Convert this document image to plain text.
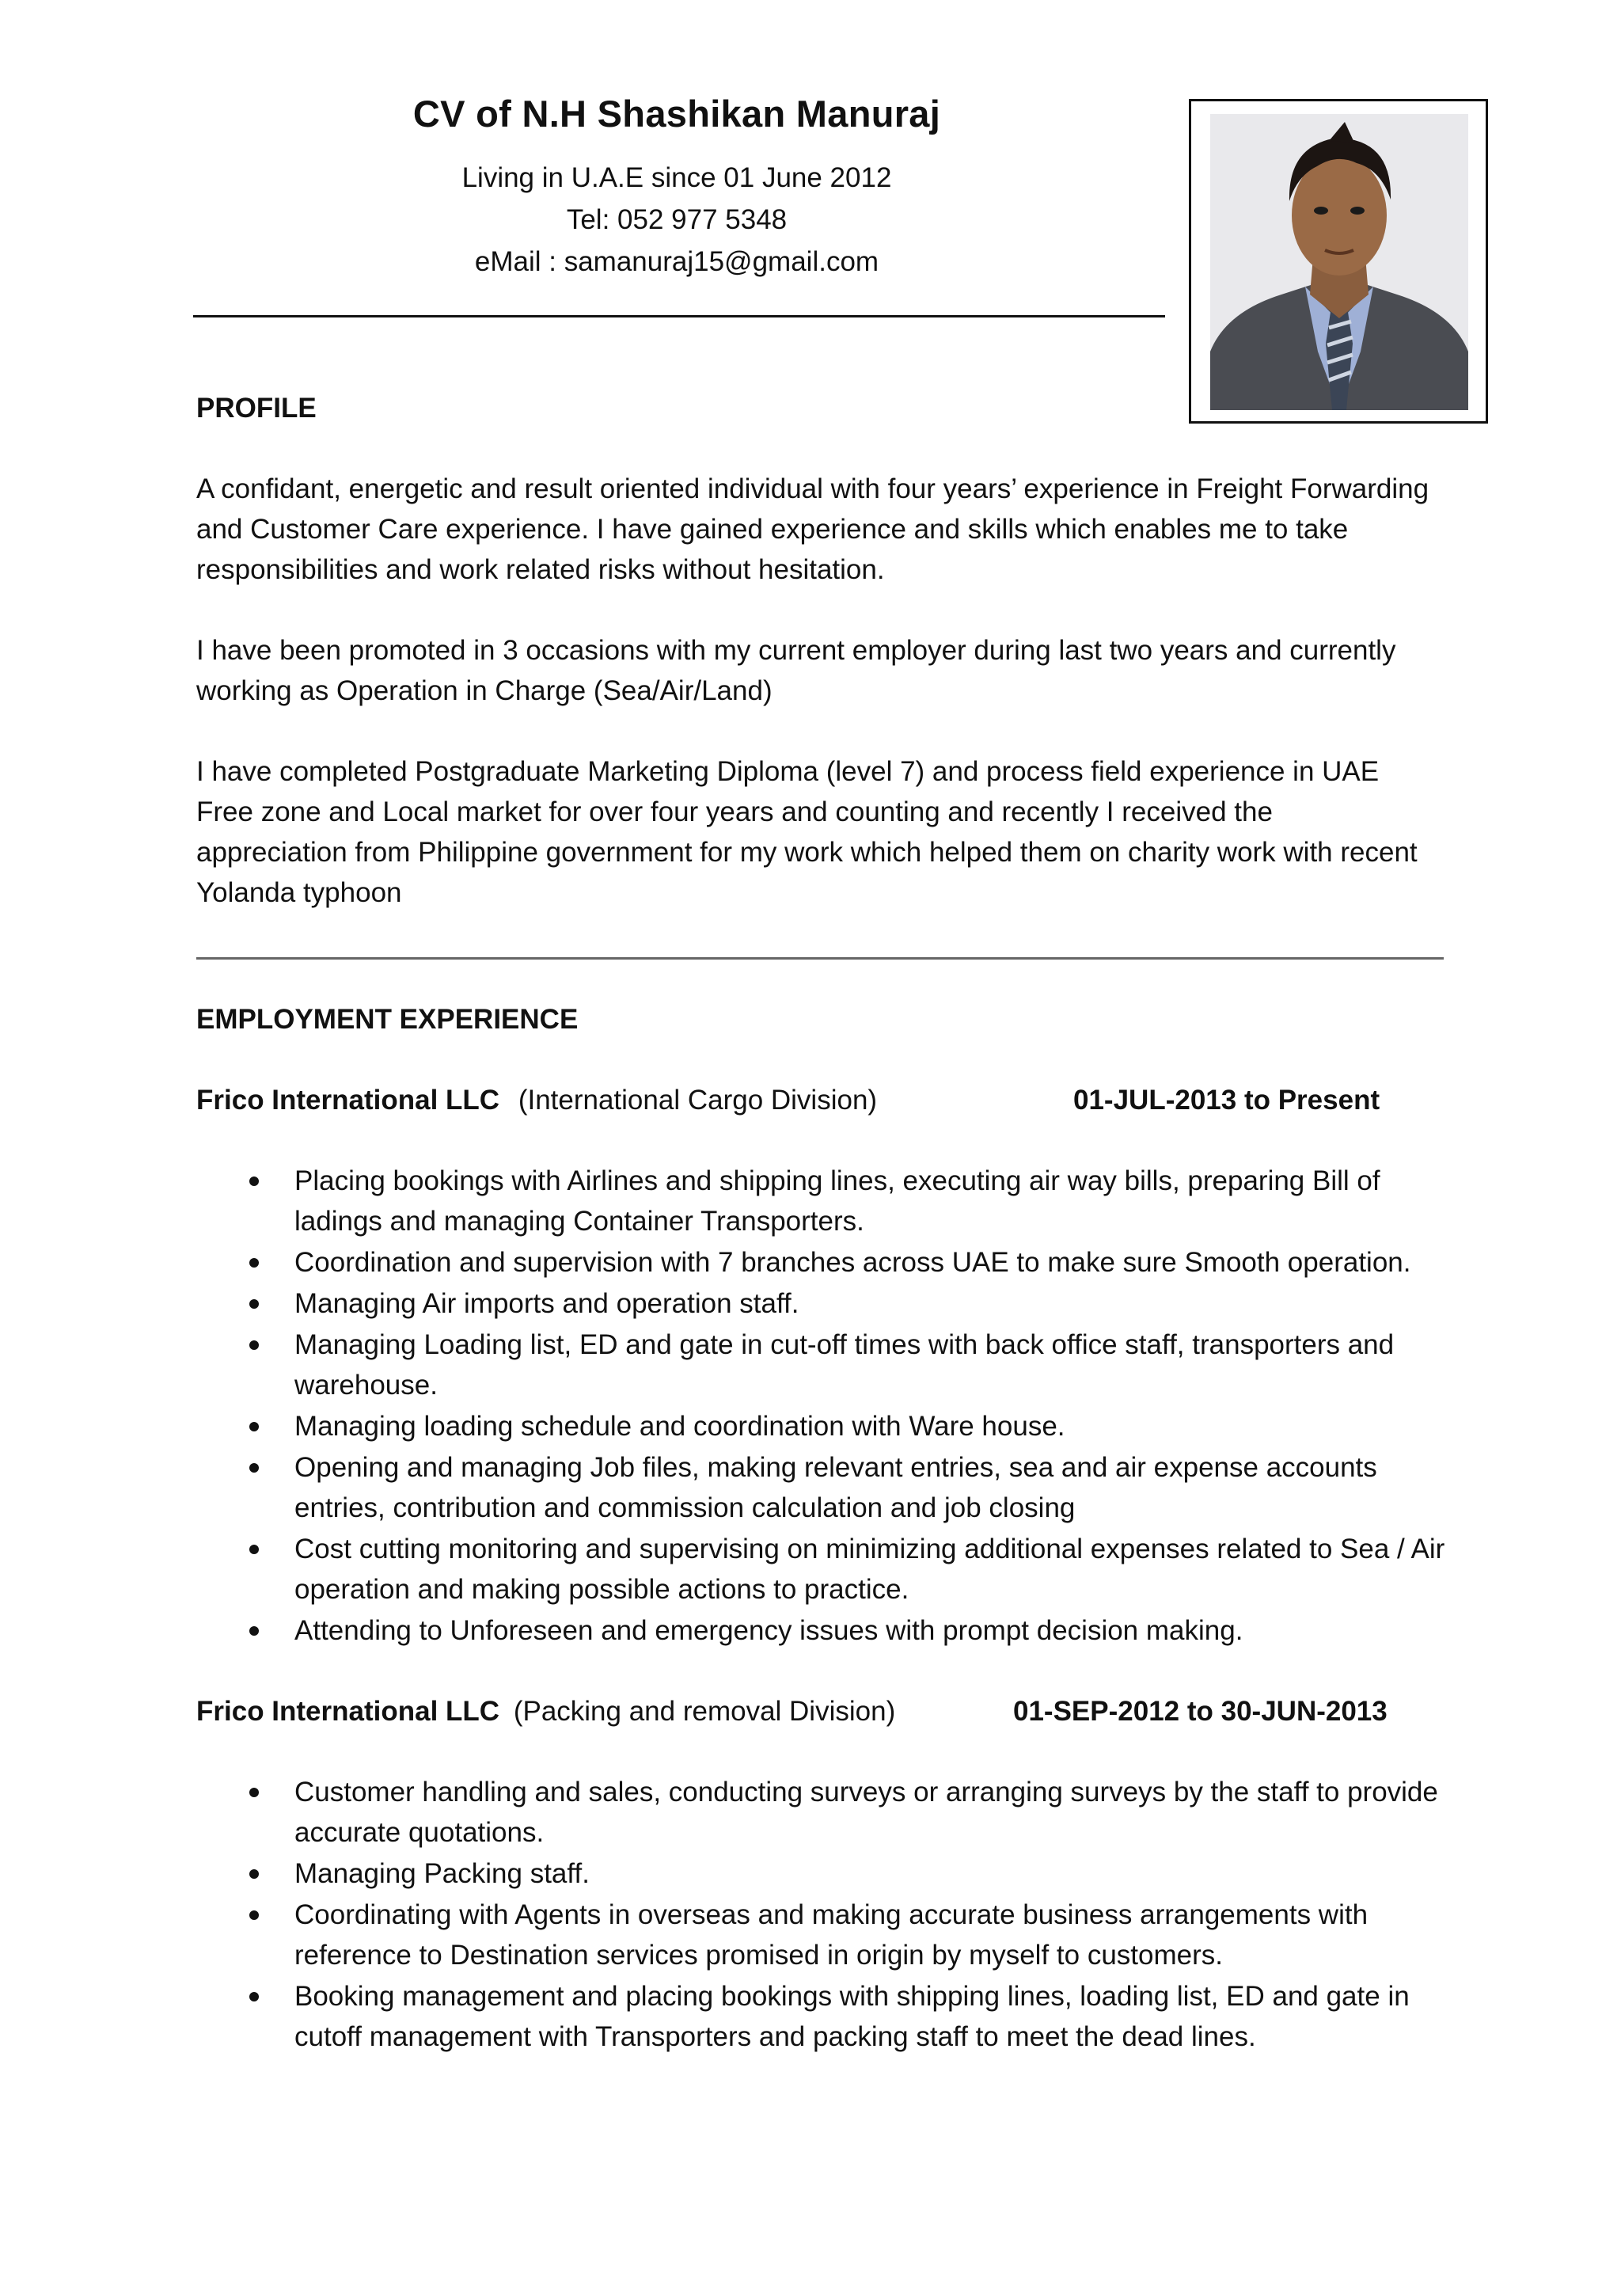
CV of N.H Shashikan Manuraj

Living in U.A.E since 01 June 2012

Tel: 052 977 5348

eMail : samanuraj15@gmail.com

PROFILE

A confidant, energetic and result oriented individual with four years’ experience in Freight Forwarding and Customer Care experience. I have gained experience and skills which enables me to take responsibilities and work related risks without hesitation.

I have been promoted in 3 occasions with my current employer during last two years and currently working as Operation in Charge (Sea/Air/Land)

I have completed Postgraduate Marketing Diploma (level 7) and process field experience in UAE Free zone and Local market for over four years and counting and recently I received the appreciation from Philippine government for my work which helped them on charity work with recent Yolanda typhoon

EMPLOYMENT EXPERIENCE
Frico International LLC (International Cargo Division)	01-JUL-2013 to Present
Placing bookings with Airlines and shipping lines, executing air way bills, preparing Bill of ladings and managing Container Transporters.
Coordination and supervision with 7 branches across UAE to make sure Smooth operation.
Managing Air imports and operation staff.
Managing Loading list, ED and gate in cut-off times with back office staff, transporters and warehouse.
Managing loading schedule and coordination with Ware house.
Opening and managing Job files, making relevant entries, sea and air expense accounts entries, contribution and commission calculation and job closing
Cost cutting monitoring and supervising on minimizing additional expenses related to Sea / Air operation and making possible actions to practice.
Attending to Unforeseen and emergency issues with prompt decision making.
Frico International LLC (Packing and removal Division)	01-SEP-2012 to 30-JUN-2013
Customer handling and sales, conducting surveys or arranging surveys by the staff to provide accurate quotations.
Managing Packing staff.
Coordinating with Agents in overseas and making accurate business arrangements with reference to Destination services promised in origin by myself to customers.
Booking management and placing bookings with shipping lines, loading list, ED and gate in cutoff management with Transporters and packing staff to meet the dead lines.
